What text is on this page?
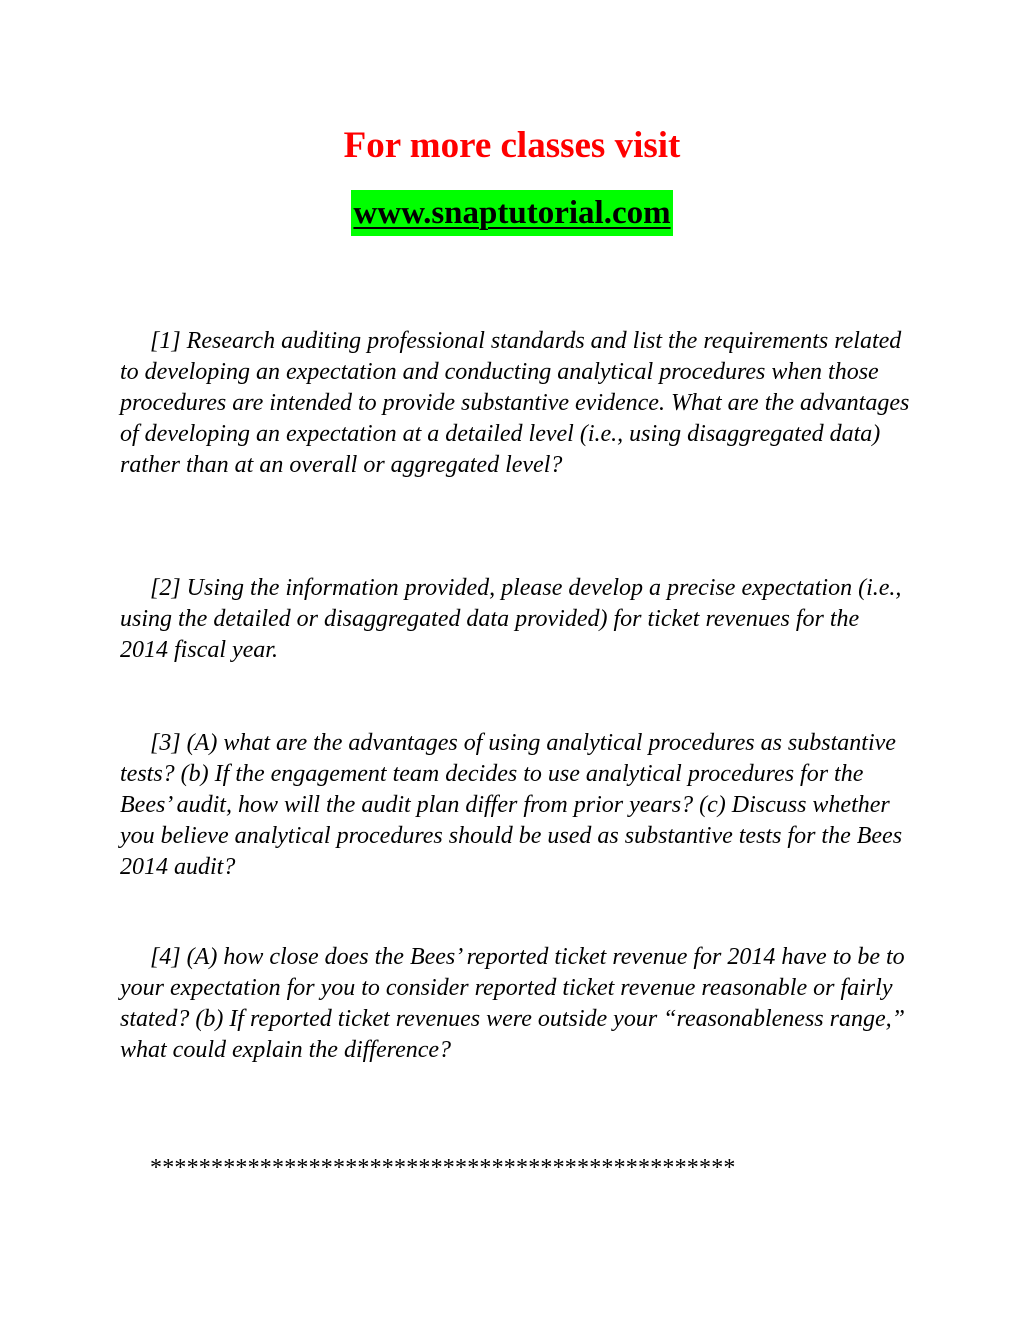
For more classes visit
www.snaptutorial.com

[1] Research auditing professional standards and list the requirements related to developing an expectation and conducting analytical procedures when those procedures are intended to provide substantive evidence. What are the advantages of developing an expectation at a detailed level (i.e., using disaggregated data) rather than at an overall or aggregated level?

[2] Using the information provided, please develop a precise expectation (i.e., using the detailed or disaggregated data provided) for ticket revenues for the 2014 fiscal year.

[3] (A) what are the advantages of using analytical procedures as substantive tests? (b) If the engagement team decides to use analytical procedures for the Bees’ audit, how will the audit plan differ from prior years? (c) Discuss whether you believe analytical procedures should be used as substantive tests for the Bees 2014 audit?

[4] (A) how close does the Bees’ reported ticket revenue for 2014 have to be to your expectation for you to consider reported ticket revenue reasonable or fairly stated? (b) If reported ticket revenues were outside your “reasonableness range,” what could explain the difference?

************************************************
